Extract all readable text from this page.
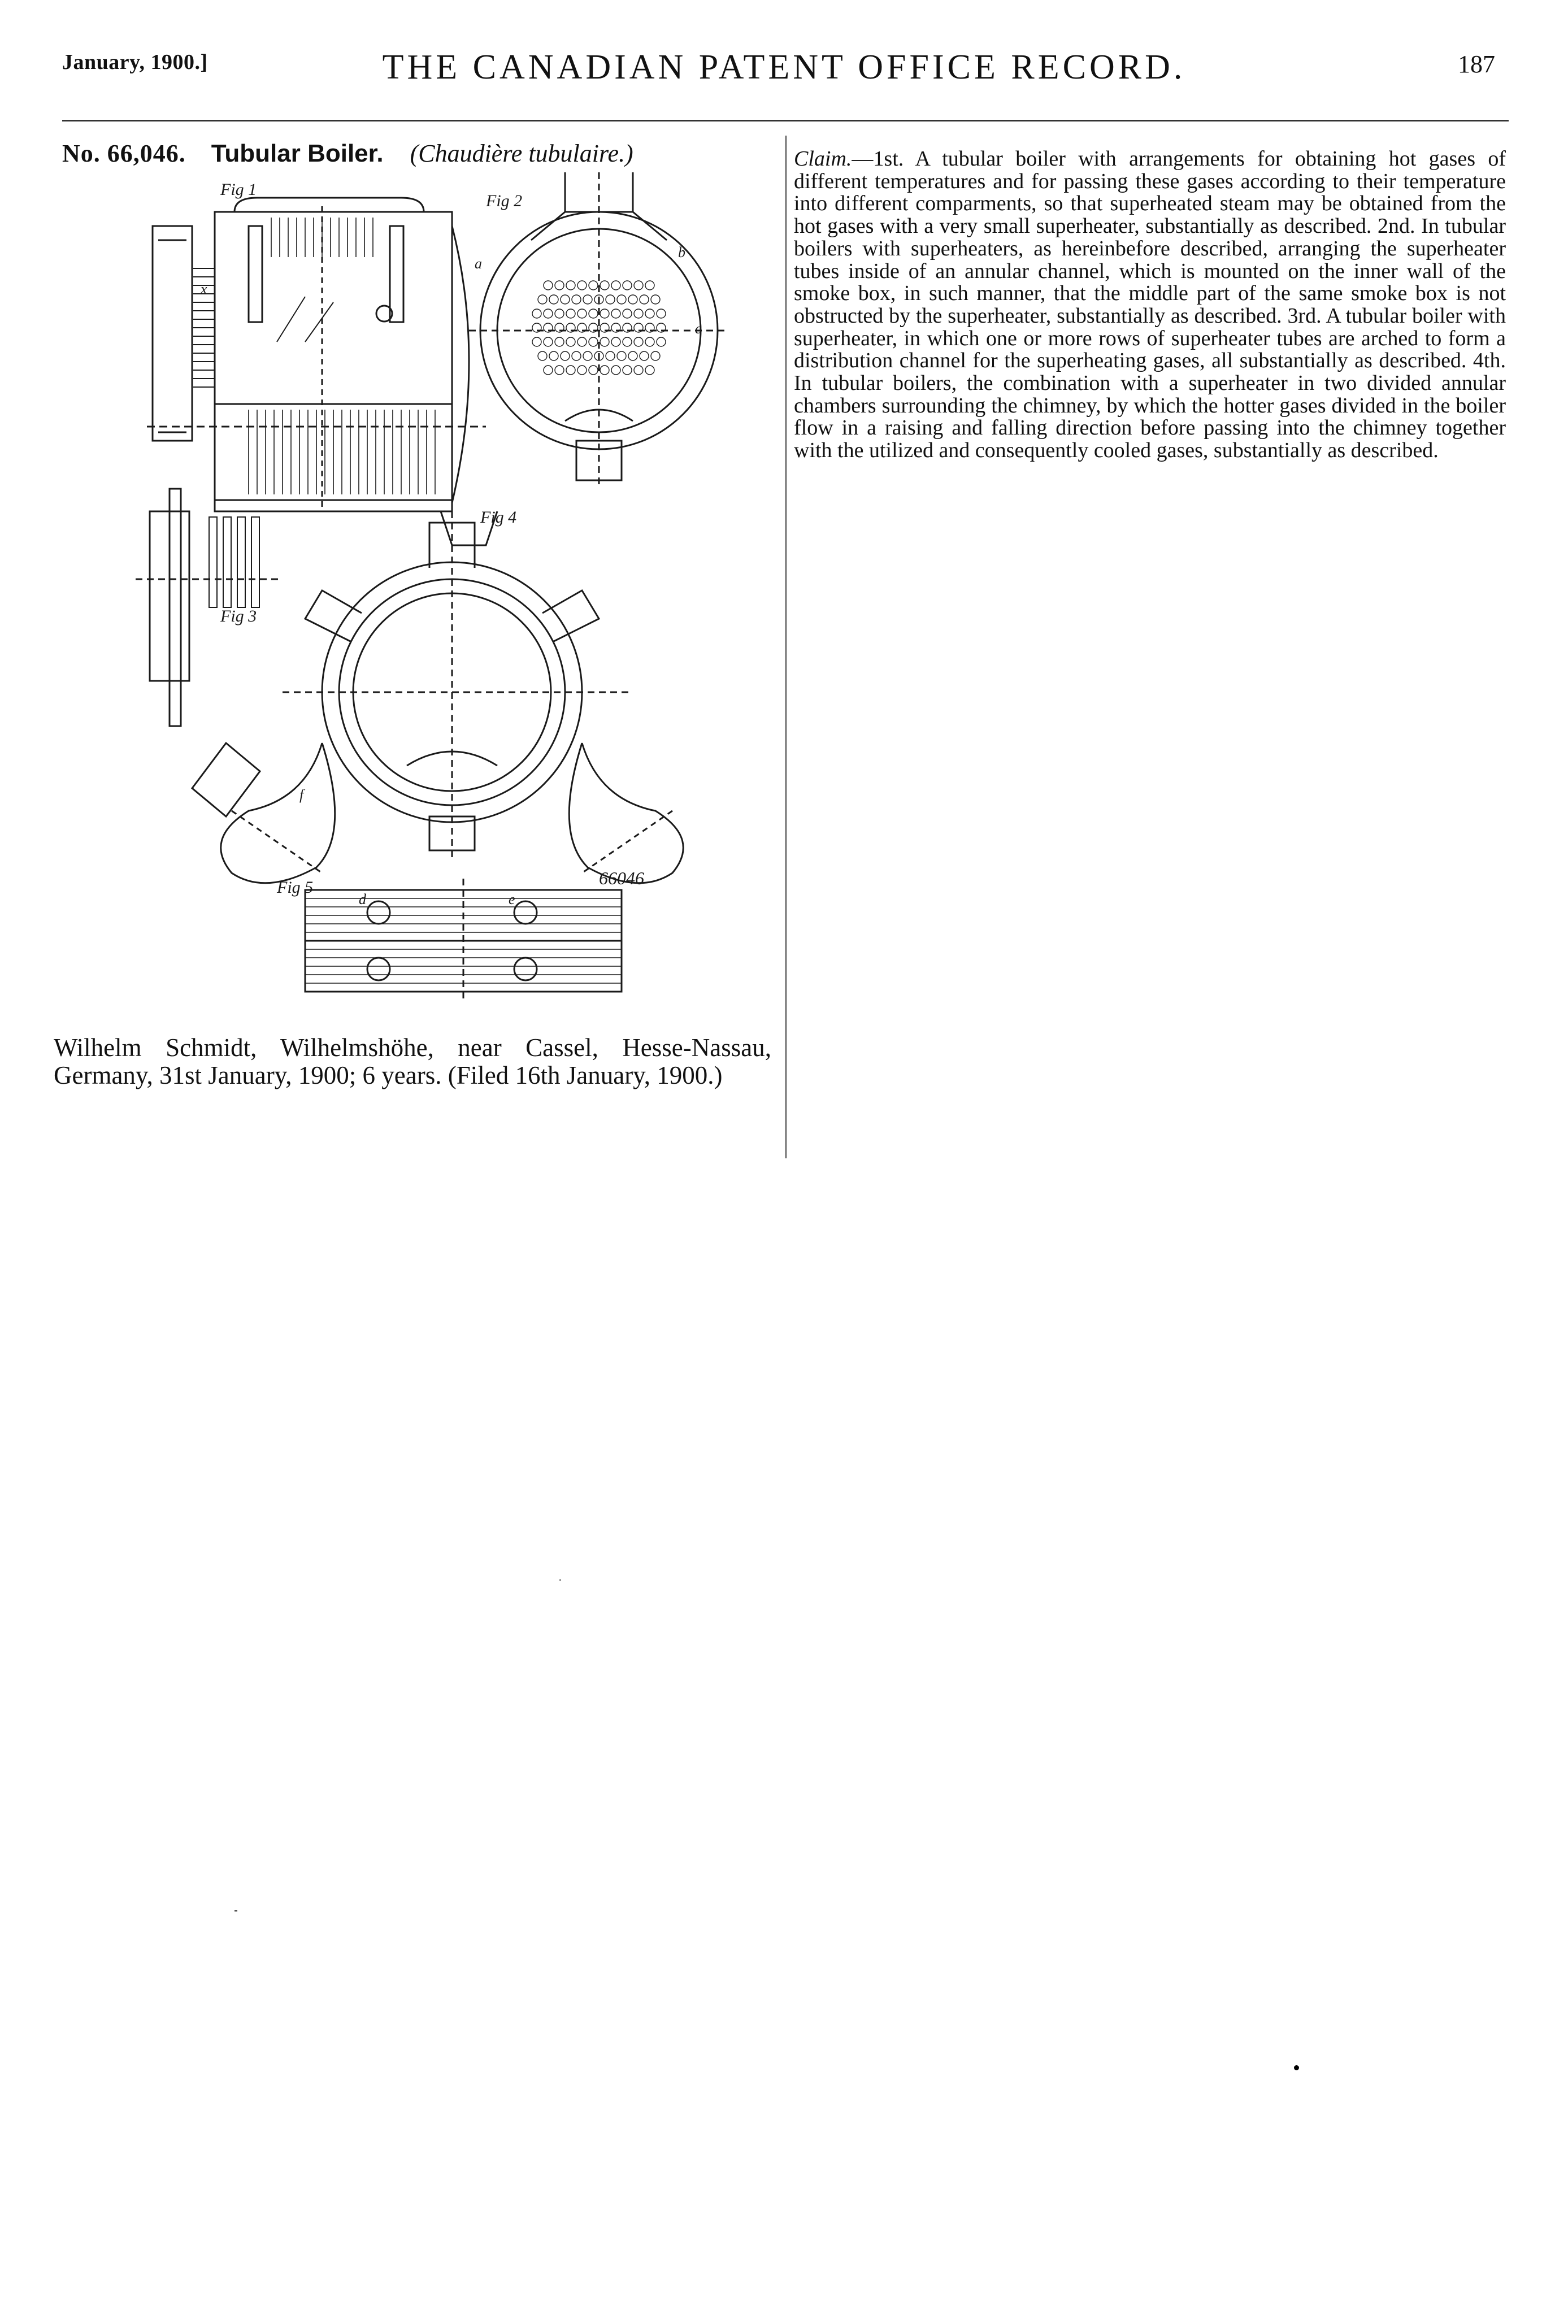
January, 1900.]	THE CANADIAN PATENT OFFICE RECORD.	187
No. 66,046. Tubular Boiler. (Chaudière tubulaire.)
Fig 1
Fig 2
Fig 3
Fig 4
Fig 5	66046
x
a
b
c
d	e
f
Wilhelm Schmidt, Wilhelmshöhe, near Cassel, Hesse-Nassau, Germany, 31st January, 1900; 6 years. (Filed 16th January, 1900.)
Claim.—1st. A tubular boiler with arrangements for obtaining hot gases of different temperatures and for passing these gases according to their temperature into different comparments, so that superheated steam may be obtained from the hot gases with a very small superheater, substantially as described. 2nd. In tubular boilers with superheaters, as hereinbefore described, arranging the superheater tubes inside of an annular channel, which is mounted on the inner wall of the smoke box, in such manner, that the middle part of the same smoke box is not obstructed by the superheater, substantially as described. 3rd. A tubular boiler with superheater, in which one or more rows of superheater tubes are arched to form a distribution channel for the superheating gases, all substantially as described. 4th. In tubular boilers, the combination with a superheater in two divided annular chambers surrounding the chimney, by which the hotter gases divided in the boiler flow in a raising and falling direction before passing into the chimney together with the utilized and consequently cooled gases, substantially as described.
